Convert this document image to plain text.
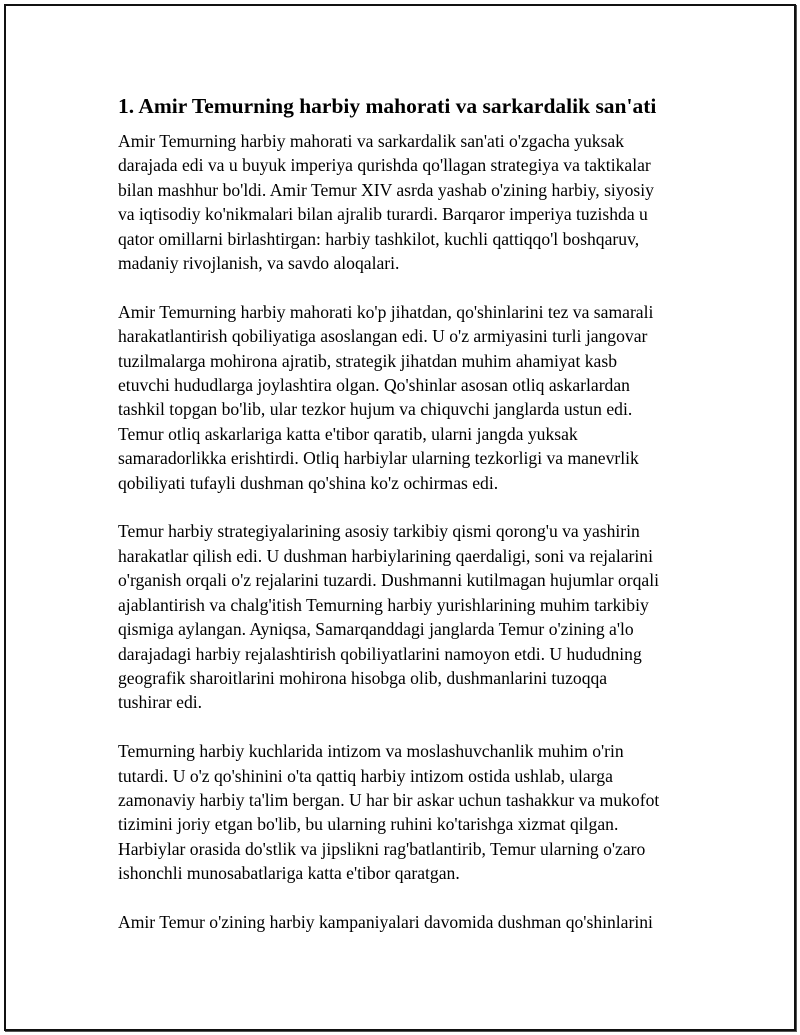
1. Amir Temurning harbiy mahorati va sarkardalik san'ati

Amir Temurning harbiy mahorati va sarkardalik san'ati o'zgacha yuksak
darajada edi va u buyuk imperiya qurishda qo'llagan strategiya va taktikalar
bilan mashhur bo'ldi. Amir Temur XIV asrda yashab o'zining harbiy, siyosiy
va iqtisodiy ko'nikmalari bilan ajralib turardi. Barqaror imperiya tuzishda u
qator omillarni birlashtirgan: harbiy tashkilot, kuchli qattiqqo'l boshqaruv,
madaniy rivojlanish, va savdo aloqalari.

Amir Temurning harbiy mahorati ko'p jihatdan, qo'shinlarini tez va samarali
harakatlantirish qobiliyatiga asoslangan edi. U o'z armiyasini turli jangovar
tuzilmalarga mohirona ajratib, strategik jihatdan muhim ahamiyat kasb
etuvchi hududlarga joylashtira olgan. Qo'shinlar asosan otliq askarlardan
tashkil topgan bo'lib, ular tezkor hujum va chiquvchi janglarda ustun edi.
Temur otliq askarlariga katta e'tibor qaratib, ularni jangda yuksak
samaradorlikka erishtirdi. Otliq harbiylar ularning tezkorligi va manevrlik
qobiliyati tufayli dushman qo'shina ko'z ochirmas edi.

Temur harbiy strategiyalarining asosiy tarkibiy qismi qorong'u va yashirin
harakatlar qilish edi. U dushman harbiylarining qaerdaligi, soni va rejalarini
o'rganish orqali o'z rejalarini tuzardi. Dushmanni kutilmagan hujumlar orqali
ajablantirish va chalg'itish Temurning harbiy yurishlarining muhim tarkibiy
qismiga aylangan. Ayniqsa, Samarqanddagi janglarda Temur o'zining a'lo
darajadagi harbiy rejalashtirish qobiliyatlarini namoyon etdi. U hududning
geografik sharoitlarini mohirona hisobga olib, dushmanlarini tuzoqqa
tushirar edi.

Temurning harbiy kuchlarida intizom va moslashuvchanlik muhim o'rin
tutardi. U o'z qo'shinini o'ta qattiq harbiy intizom ostida ushlab, ularga
zamonaviy harbiy ta'lim bergan. U har bir askar uchun tashakkur va mukofot
tizimini joriy etgan bo'lib, bu ularning ruhini ko'tarishga xizmat qilgan.
Harbiylar orasida do'stlik va jipslikni rag'batlantirib, Temur ularning o'zaro
ishonchli munosabatlariga katta e'tibor qaratgan.

Amir Temur o'zining harbiy kampaniyalari davomida dushman qo'shinlarini
